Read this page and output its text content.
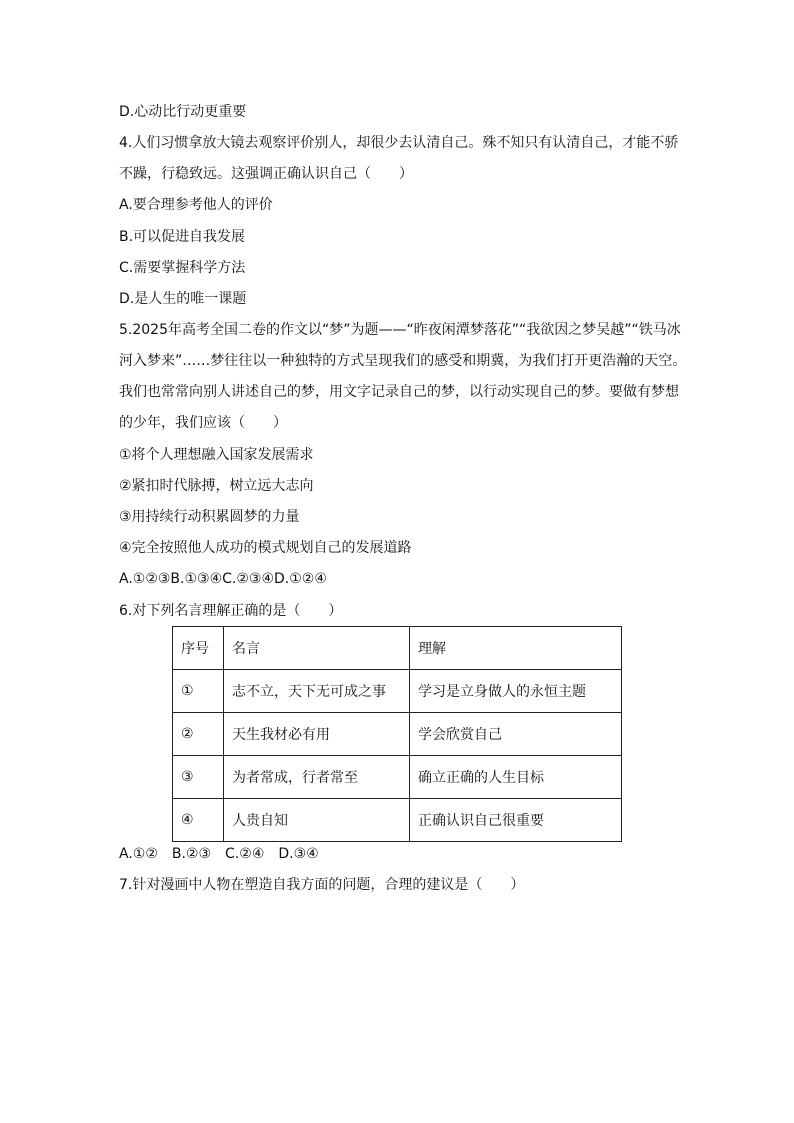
D.心动比行动更重要
4.人们习惯拿放大镜去观察评价别人，却很少去认清自己。殊不知只有认清自己，才能不骄
不躁，行稳致远。这强调正确认识自己（　　）
A.要合理参考他人的评价
B.可以促进自我发展
C.需要掌握科学方法
D.是人生的唯一课题
5.2025年高考全国二卷的作文以“梦”为题——“昨夜闲潭梦落花”“我欲因之梦吴越”“铁马冰
河入梦来”……梦往往以一种独特的方式呈现我们的感受和期冀，为我们打开更浩瀚的天空。
我们也常常向别人讲述自己的梦，用文字记录自己的梦，以行动实现自己的梦。要做有梦想
的少年，我们应该（　　）
①将个人理想融入国家发展需求
②紧扣时代脉搏，树立远大志向
③用持续行动积累圆梦的力量
④完全按照他人成功的模式规划自己的发展道路
A.①②③B.①③④C.②③④D.①②④
6.对下列名言理解正确的是（　　）
序号	名言	理解
①	志不立，天下无可成之事	学习是立身做人的永恒主题
②	天生我材必有用	学会欣赏自己
③	为者常成，行者常至	确立正确的人生目标
④	人贵自知	正确认识自己很重要
A.①②　B.②③　C.②④　D.③④
7.针对漫画中人物在塑造自我方面的问题，合理的建议是（　　）
